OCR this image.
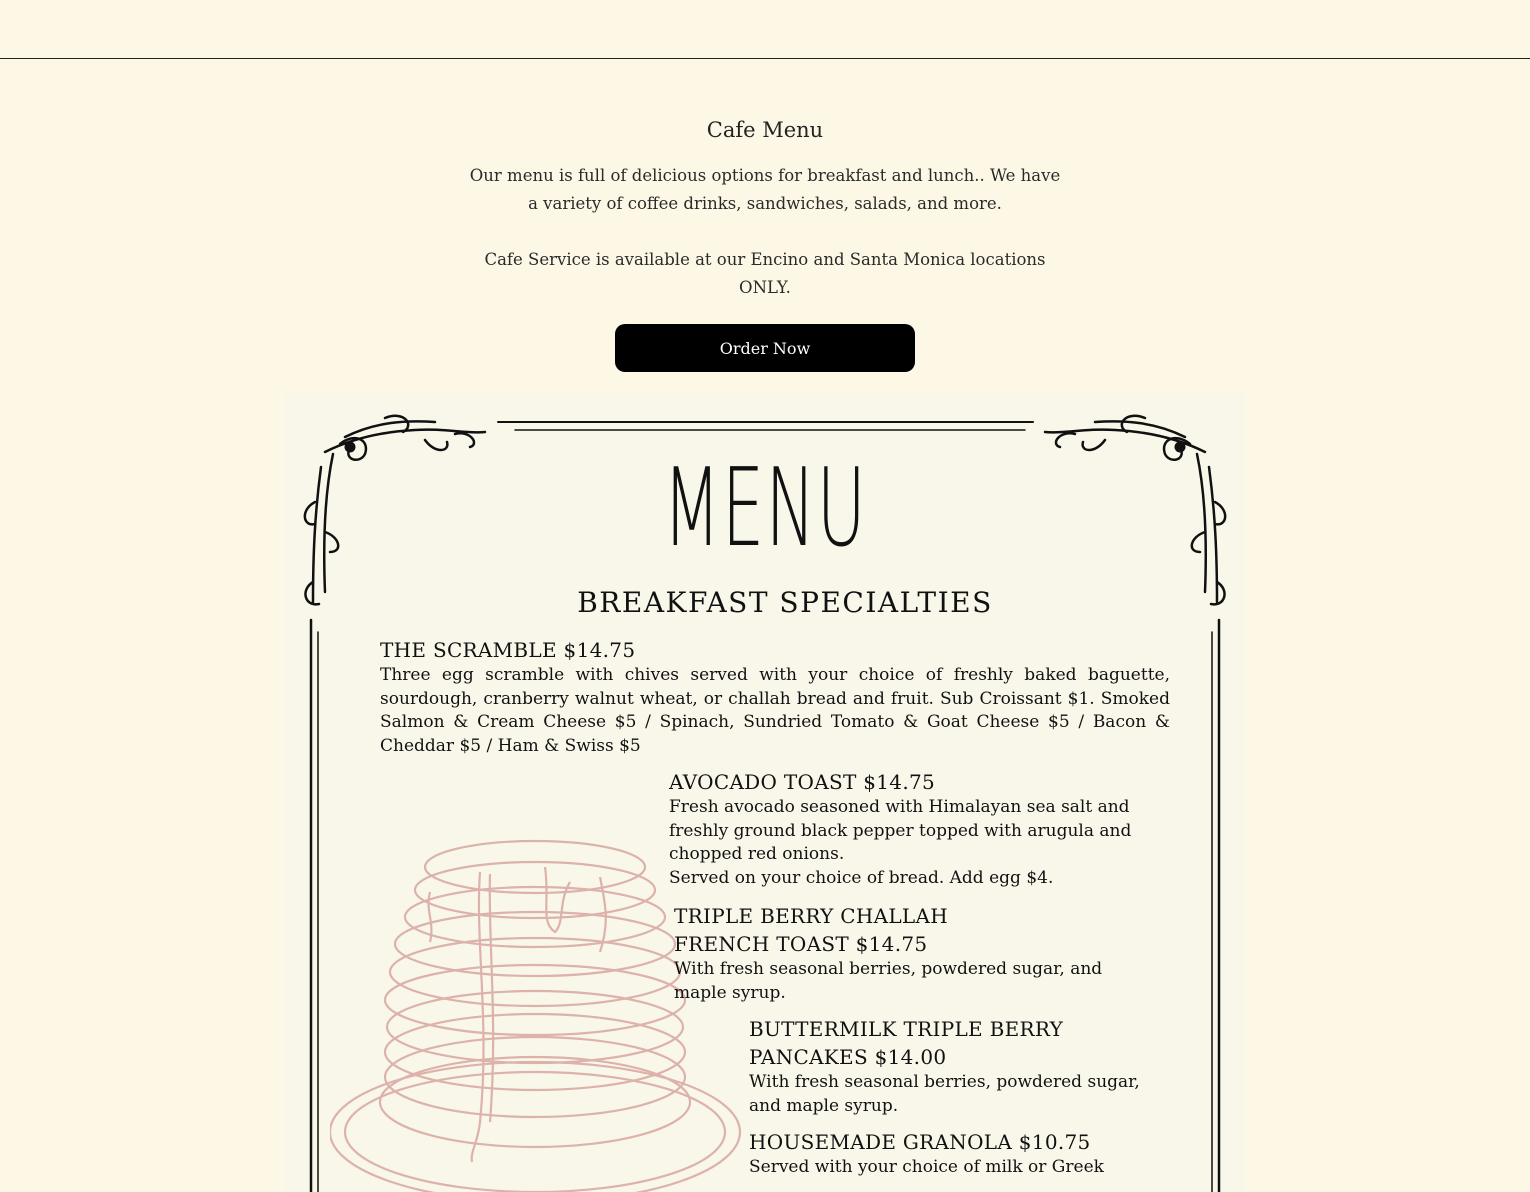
Cafe Menu

Our menu is full of delicious options for breakfast and lunch.. We have a variety of coffee drinks, sandwiches, salads, and more.

Cafe Service is available at our Encino and Santa Monica locations ONLY.

Order Now
MENU
BREAKFAST SPECIALTIES
THE SCRAMBLE $14.75
Three egg scramble with chives served with your choice of freshly baked baguette, sourdough, cranberry walnut wheat, or challah bread and fruit. Sub Croissant $1. Smoked Salmon & Cream Cheese $5 / Spinach, Sundried Tomato & Goat Cheese $5 / Bacon & Cheddar $5 / Ham & Swiss $5
AVOCADO TOAST $14.75
Fresh avocado seasoned with Himalayan sea salt and freshly ground black pepper topped with arugula and chopped red onions.
Served on your choice of bread. Add egg $4.
TRIPLE BERRY CHALLAH FRENCH TOAST $14.75
With fresh seasonal berries, powdered sugar, and maple syrup.
BUTTERMILK TRIPLE BERRY PANCAKES $14.00
With fresh seasonal berries, powdered sugar, and maple syrup.
HOUSEMADE GRANOLA $10.75
Served with your choice of milk or Greek
